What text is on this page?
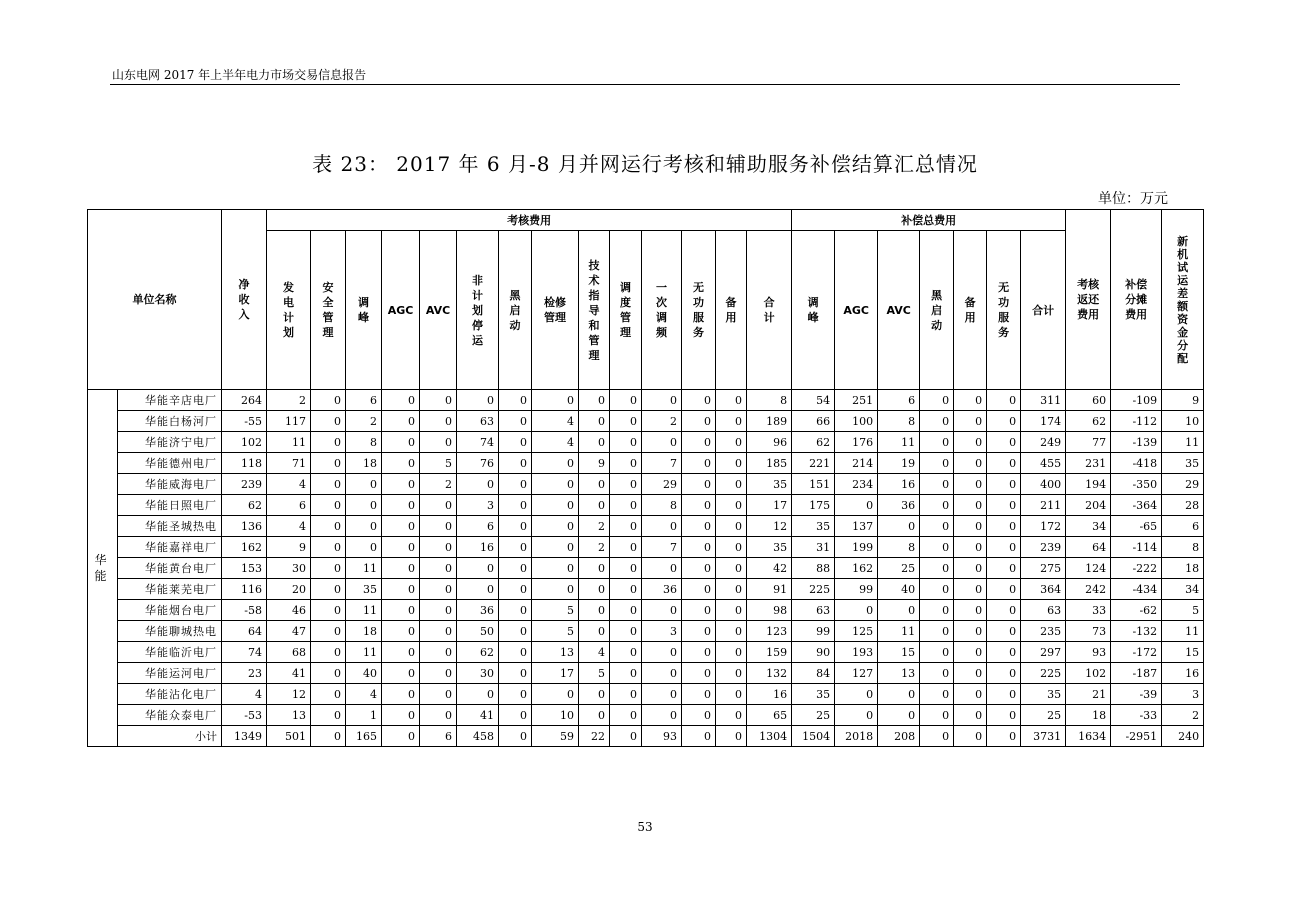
山东电网 2017 年上半年电力市场交易信息报告
表 23： 2017 年 6 月-8 月并网运行考核和辅助服务补偿结算汇总情况
单位：万元
单位名称		净收入	考核费用														补偿总费用							考核返还费用	补偿分摊费用	新机试运差额资金分配
			发电计划	安全管理	调峰	AGC	AVC	非计划停运	黑启动	检修管理	技术指导和管理	调度管理	一次调频	无功服务	备用	合计	调峰	AGC	AVC	黑启动	备用	无功服务	合计			

华能	华能辛店电厂	264	2	0	6	0	0	0	0	0	0	0	0	0	0	8	54	251	6	0	0	0	311	60	-109	9
	华能白杨河厂	-55	117	0	2	0	0	63	0	4	0	0	2	0	0	189	66	100	8	0	0	0	174	62	-112	10
	华能济宁电厂	102	11	0	8	0	0	74	0	4	0	0	0	0	0	96	62	176	11	0	0	0	249	77	-139	11
	华能德州电厂	118	71	0	18	0	5	76	0	0	9	0	7	0	0	185	221	214	19	0	0	0	455	231	-418	35
	华能威海电厂	239	4	0	0	0	2	0	0	0	0	0	29	0	0	35	151	234	16	0	0	0	400	194	-350	29
	华能日照电厂	62	6	0	0	0	0	3	0	0	0	0	8	0	0	17	175	0	36	0	0	0	211	204	-364	28
	华能圣城热电	136	4	0	0	0	0	6	0	0	2	0	0	0	0	12	35	137	0	0	0	0	172	34	-65	6
	华能嘉祥电厂	162	9	0	0	0	0	16	0	0	2	0	7	0	0	35	31	199	8	0	0	0	239	64	-114	8
	华能黄台电厂	153	30	0	11	0	0	0	0	0	0	0	0	0	0	42	88	162	25	0	0	0	275	124	-222	18
	华能莱芜电厂	116	20	0	35	0	0	0	0	0	0	0	36	0	0	91	225	99	40	0	0	0	364	242	-434	34
	华能烟台电厂	-58	46	0	11	0	0	36	0	5	0	0	0	0	0	98	63	0	0	0	0	0	63	33	-62	5
	华能聊城热电	64	47	0	18	0	0	50	0	5	0	0	3	0	0	123	99	125	11	0	0	0	235	73	-132	11
	华能临沂电厂	74	68	0	11	0	0	62	0	13	4	0	0	0	0	159	90	193	15	0	0	0	297	93	-172	15
	华能运河电厂	23	41	0	40	0	0	30	0	17	5	0	0	0	0	132	84	127	13	0	0	0	225	102	-187	16
	华能沾化电厂	4	12	0	4	0	0	0	0	0	0	0	0	0	0	16	35	0	0	0	0	0	35	21	-39	3
	华能众泰电厂	-53	13	0	1	0	0	41	0	10	0	0	0	0	0	65	25	0	0	0	0	0	25	18	-33	2
	小计	1349	501	0	165	0	6	458	0	59	22	0	93	0	0	1304	1504	2018	208	0	0	0	3731	1634	-2951	240
53
